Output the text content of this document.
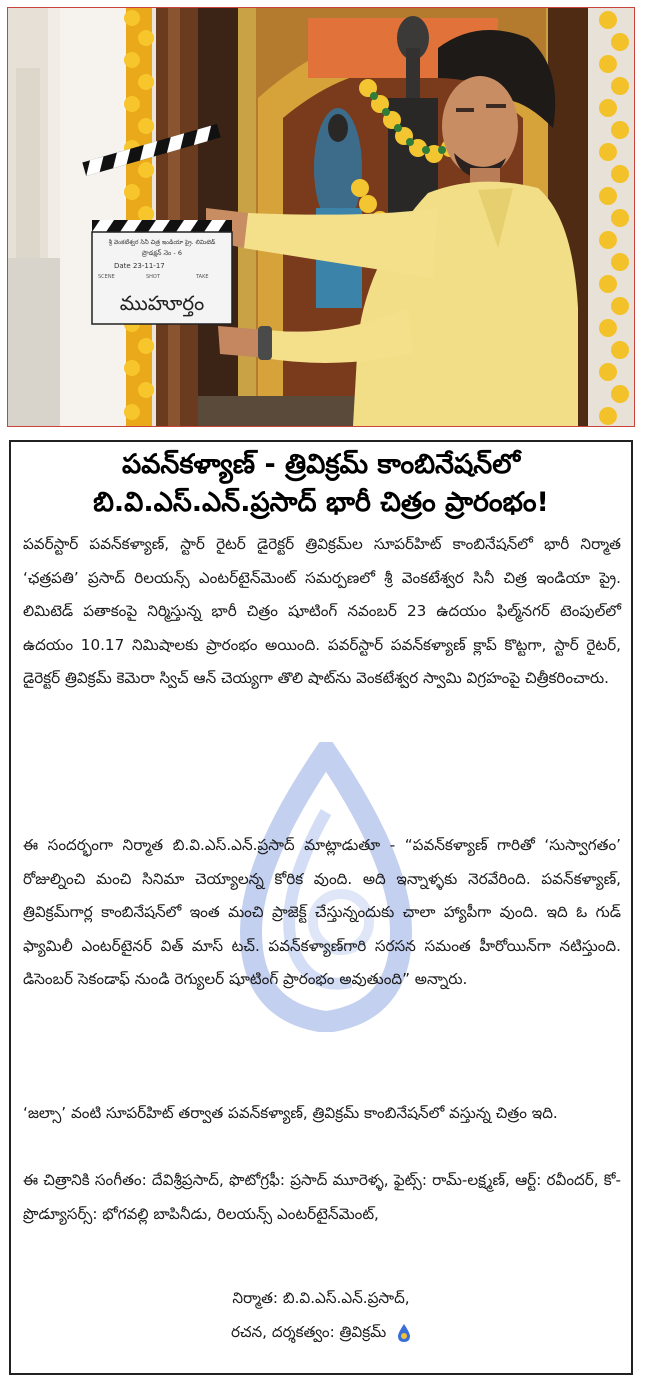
శ్రీ వెంకటేశ్వర సినీ చిత్ర ఇండియా ప్రై. లిమిటెడ్
ప్రొడక్షన్ నెం - 6
Date 23-11-17
SCENE	SHOT	TAKE
ముహూర్తం
పవన్‌కళ్యాణ్ - త్రివిక్రమ్ కాంబినేషన్‌లో
బి.వి.ఎస్.ఎన్.ప్రసాద్ భారీ చిత్రం ప్రారంభం!
పవర్‌స్టార్ పవన్‌కళ్యాణ్, స్టార్ రైటర్ డైరెక్టర్ త్రివిక్రమ్‌ల సూపర్‌హిట్ కాంబినేషన్‌లో భారీ నిర్మాత ‘ఛత్రపతి’ ప్రసాద్ రిలయన్స్ ఎంటర్‌టైన్‌మెంట్ సమర్పణలో శ్రీ వెంకటేశ్వర సినీ చిత్ర ఇండియా ప్రై. లిమిటెడ్ పతాకంపై నిర్మిస్తున్న భారీ చిత్రం షూటింగ్ నవంబర్ 23 ఉదయం ఫిల్మ్‌నగర్ టెంపుల్‌లో ఉదయం 10.17 నిమిషాలకు ప్రారంభం అయింది. పవర్‌స్టార్ పవన్‌కళ్యాణ్ క్లాప్ కొట్టగా, స్టార్ రైటర్, డైరెక్టర్ త్రివిక్రమ్ కెమెరా స్విచ్ ఆన్ చెయ్యగా తొలి షాట్‌ను వెంకటేశ్వర స్వామి విగ్రహంపై చిత్రీకరించారు.
ఈ సందర్భంగా నిర్మాత బి.వి.ఎస్.ఎన్.ప్రసాద్ మాట్లాడుతూ - “పవన్‌కళ్యాణ్ గారితో ‘సుస్వాగతం’ రోజుల్నించి మంచి సినిమా చెయ్యాలన్న కోరిక వుంది. అది ఇన్నాళ్ళకు నెరవేరింది. పవన్‌కళ్యాణ్, త్రివిక్రమ్‌గార్ల కాంబినేషన్‌లో ఇంత మంచి ప్రాజెక్ట్ చేస్తున్నందుకు చాలా హ్యాపీగా వుంది. ఇది ఓ గుడ్ ఫ్యామిలీ ఎంటర్‌టైనర్ విత్ మాస్ టచ్. పవన్‌కళ్యాణ్‌గారి సరసన సమంత హీరోయిన్‌గా నటిస్తుంది. డిసెంబర్ సెకండాఫ్ నుండి రెగ్యులర్ షూటింగ్ ప్రారంభం అవుతుంది” అన్నారు.
‘జల్సా’ వంటి సూపర్‌హిట్ తర్వాత పవన్‌కళ్యాణ్, త్రివిక్రమ్ కాంబినేషన్‌లో వస్తున్న చిత్రం ఇది.
ఈ చిత్రానికి సంగీతం: దేవిశ్రీప్రసాద్, ఫొటోగ్రఫీ: ప్రసాద్ మూరెళ్ళ, ఫైట్స్: రామ్-లక్ష్మణ్, ఆర్ట్: రవీందర్, కో-ప్రొడ్యూసర్స్: భోగవల్లి బాపినీడు, రిలయన్స్ ఎంటర్‌టైన్‌మెంట్,
నిర్మాత: బి.వి.ఎస్.ఎన్.ప్రసాద్,
రచన, దర్శకత్వం: త్రివిక్రమ్
